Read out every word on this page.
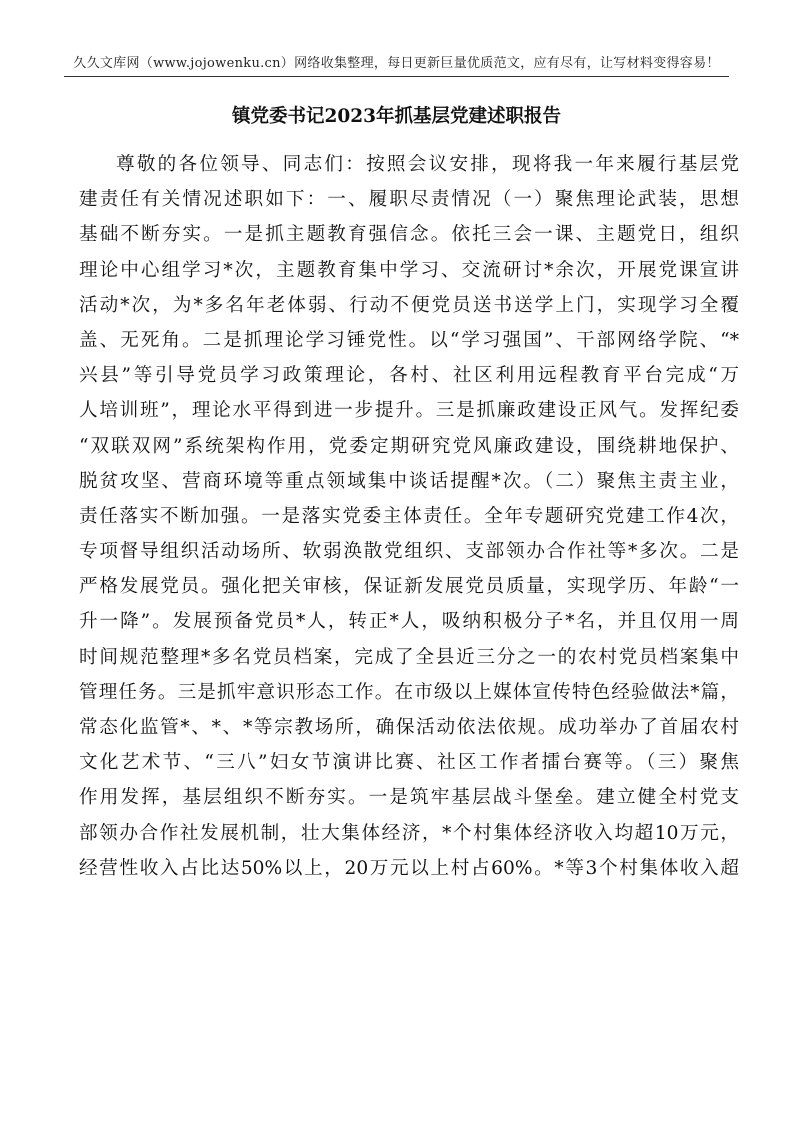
久久文库网（www.jojowenku.cn）网络收集整理，每日更新巨量优质范文，应有尽有，让写材料变得容易！
镇党委书记2023年抓基层党建述职报告
尊敬的各位领导、同志们：按照会议安排，现将我一年来履行基层党
建责任有关情况述职如下：一、履职尽责情况（一）聚焦理论武装，思想
基础不断夯实。一是抓主题教育强信念。依托三会一课、主题党日，组织
理论中心组学习*次，主题教育集中学习、交流研讨*余次，开展党课宣讲
活动*次，为*多名年老体弱、行动不便党员送书送学上门，实现学习全覆
盖、无死角。二是抓理论学习锤党性。以“学习强国”、干部网络学院、“*
兴县”等引导党员学习政策理论，各村、社区利用远程教育平台完成“万
人培训班”，理论水平得到进一步提升。三是抓廉政建设正风气。发挥纪委
“双联双网”系统架构作用，党委定期研究党风廉政建设，围绕耕地保护、
脱贫攻坚、营商环境等重点领域集中谈话提醒*次。（二）聚焦主责主业，
责任落实不断加强。一是落实党委主体责任。全年专题研究党建工作4次，
专项督导组织活动场所、软弱涣散党组织、支部领办合作社等*多次。二是
严格发展党员。强化把关审核，保证新发展党员质量，实现学历、年龄“一
升一降”。发展预备党员*人，转正*人，吸纳积极分子*名，并且仅用一周
时间规范整理*多名党员档案，完成了全县近三分之一的农村党员档案集中
管理任务。三是抓牢意识形态工作。在市级以上媒体宣传特色经验做法*篇，
常态化监管*、*、*等宗教场所，确保活动依法依规。成功举办了首届农村
文化艺术节、“三八”妇女节演讲比赛、社区工作者擂台赛等。（三）聚焦
作用发挥，基层组织不断夯实。一是筑牢基层战斗堡垒。建立健全村党支
部领办合作社发展机制，壮大集体经济，*个村集体经济收入均超10万元，
经营性收入占比达50%以上，20万元以上村占60%。*等3个村集体收入超
